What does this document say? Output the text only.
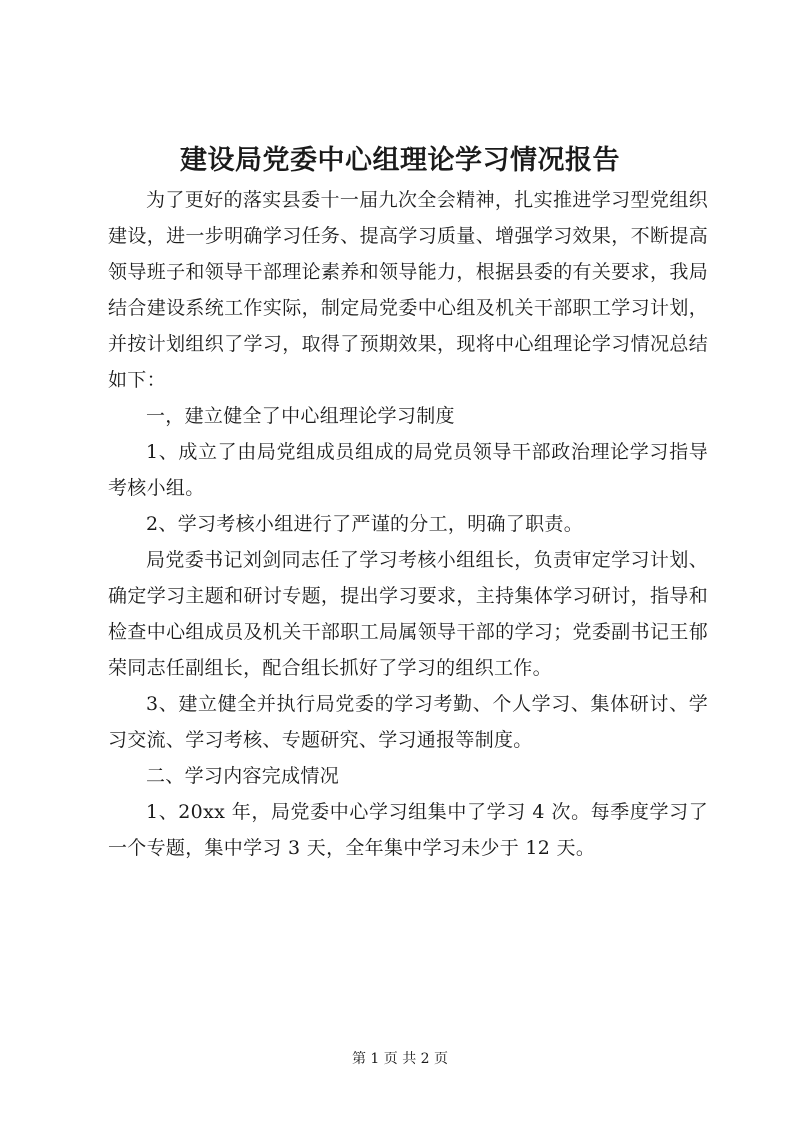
建设局党委中心组理论学习情况报告

为了更好的落实县委十一届九次全会精神，扎实推进学习型党组织建设，进一步明确学习任务、提高学习质量、增强学习效果，不断提高领导班子和领导干部理论素养和领导能力，根据县委的有关要求，我局结合建设系统工作实际，制定局党委中心组及机关干部职工学习计划，并按计划组织了学习，取得了预期效果，现将中心组理论学习情况总结如下：

一，建立健全了中心组理论学习制度

1、成立了由局党组成员组成的局党员领导干部政治理论学习指导考核小组。

2、学习考核小组进行了严谨的分工，明确了职责。

局党委书记刘剑同志任了学习考核小组组长，负责审定学习计划、确定学习主题和研讨专题，提出学习要求，主持集体学习研讨，指导和检查中心组成员及机关干部职工局属领导干部的学习；党委副书记王郁荣同志任副组长，配合组长抓好了学习的组织工作。

3、建立健全并执行局党委的学习考勤、个人学习、集体研讨、学习交流、学习考核、专题研究、学习通报等制度。

二、学习内容完成情况

1、20xx 年，局党委中心学习组集中了学习 4 次。每季度学习了一个专题，集中学习 3 天，全年集中学习未少于 12 天。

第 1 页 共 2 页
